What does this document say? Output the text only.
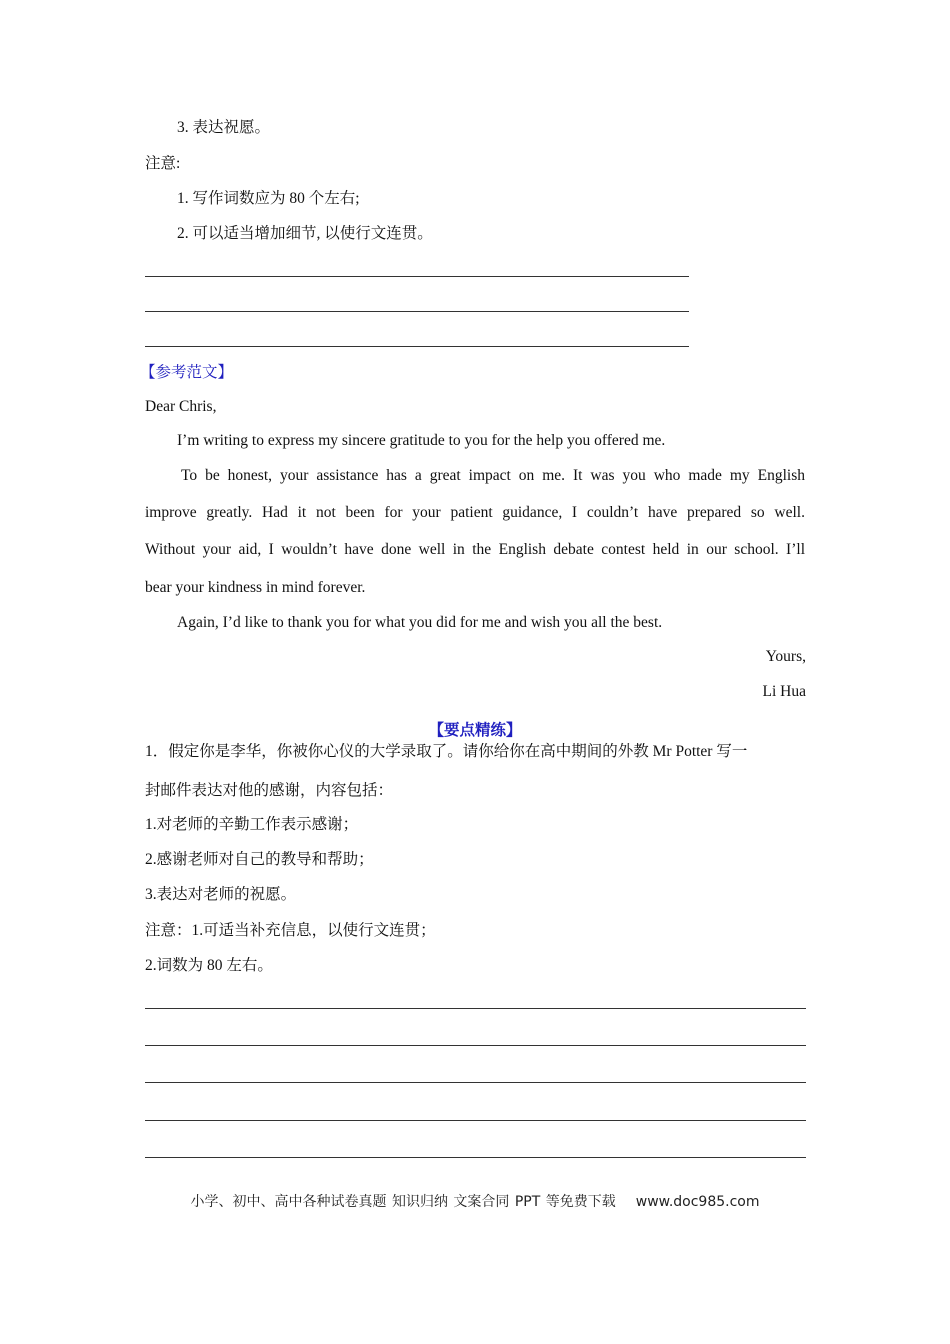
3. 表达祝愿。
注意:
1. 写作词数应为 80 个左右;
2. 可以适当增加细节, 以使行文连贯。
【参考范文】
Dear Chris,
I’m writing to express my sincere gratitude to you for the help you offered me.
To be honest, your assistance has a great impact on me. It was you who made my English
improve greatly. Had it not been for your patient guidance, I couldn’t have prepared so well.
Without your aid, I wouldn’t have done well in the English debate contest held in our school. I’ll
bear your kindness in mind forever.
Again, I’d like to thank you for what you did for me and wish you all the best.
Yours,
Li Hua
【要点精练】
1．假定你是李华，你被你心仪的大学录取了。请你给你在高中期间的外教 Mr Potter 写一
封邮件表达对他的感谢，内容包括：
1.对老师的辛勤工作表示感谢；
2.感谢老师对自己的教导和帮助；
3.表达对老师的祝愿。
注意：1.可适当补充信息，以使行文连贯；
2.词数为 80 左右。
小学、初中、高中各种试卷真题 知识归纳 文案合同 PPT 等免费下载 www.doc985.com
